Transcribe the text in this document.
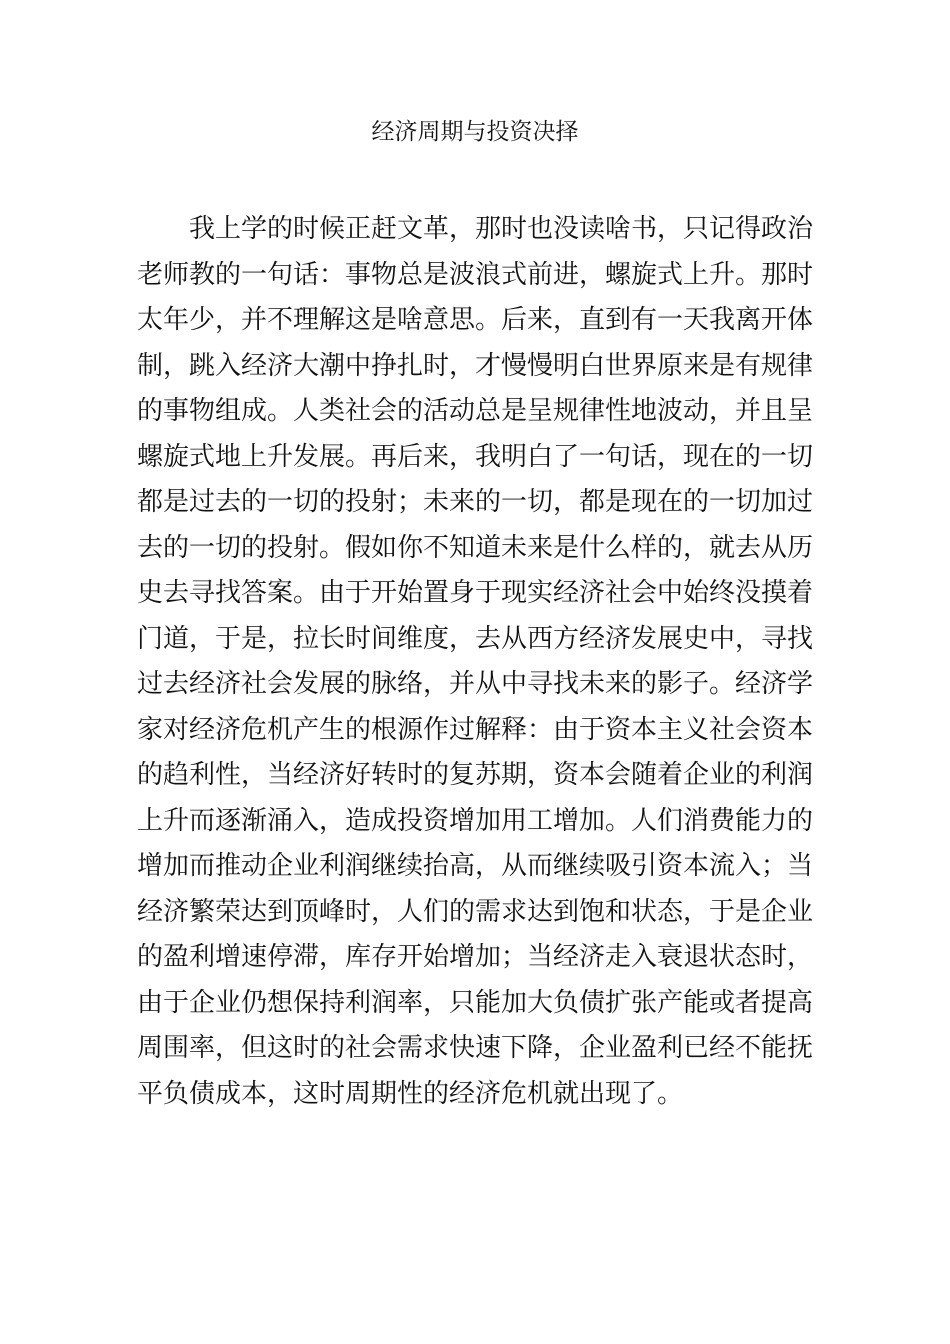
经济周期与投资决择
我上学的时候正赶文革，那时也没读啥书，只记得政治
老师教的一句话：事物总是波浪式前进，螺旋式上升。那时
太年少，并不理解这是啥意思。后来，直到有一天我离开体
制，跳入经济大潮中挣扎时，才慢慢明白世界原来是有规律
的事物组成。人类社会的活动总是呈规律性地波动，并且呈
螺旋式地上升发展。再后来，我明白了一句话，现在的一切
都是过去的一切的投射；未来的一切，都是现在的一切加过
去的一切的投射。假如你不知道未来是什么样的，就去从历
史去寻找答案。由于开始置身于现实经济社会中始终没摸着
门道，于是，拉长时间维度，去从西方经济发展史中，寻找
过去经济社会发展的脉络，并从中寻找未来的影子。经济学
家对经济危机产生的根源作过解释：由于资本主义社会资本
的趋利性，当经济好转时的复苏期，资本会随着企业的利润
上升而逐渐涌入，造成投资增加用工增加。人们消费能力的
增加而推动企业利润继续抬高，从而继续吸引资本流入；当
经济繁荣达到顶峰时，人们的需求达到饱和状态，于是企业
的盈利增速停滞，库存开始增加；当经济走入衰退状态时，
由于企业仍想保持利润率，只能加大负债扩张产能或者提高
周围率，但这时的社会需求快速下降，企业盈利已经不能抚
平负债成本，这时周期性的经济危机就出现了。
